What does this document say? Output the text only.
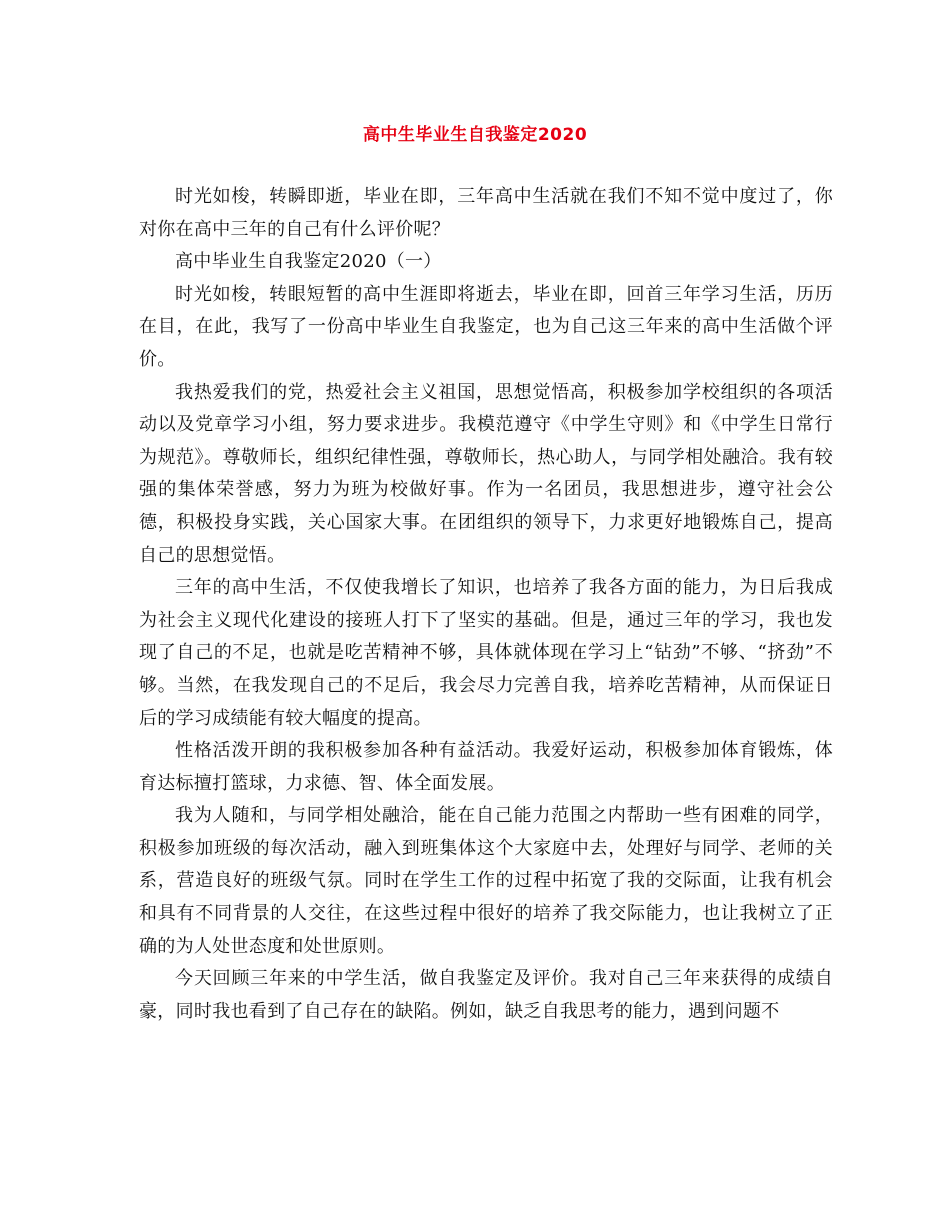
高中生毕业生自我鉴定2020

时光如梭，转瞬即逝，毕业在即，三年高中生活就在我们不知不觉中度过了，你对你在高中三年的自己有什么评价呢？

高中毕业生自我鉴定2020（一）

时光如梭，转眼短暂的高中生涯即将逝去，毕业在即，回首三年学习生活，历历在目，在此，我写了一份高中毕业生自我鉴定，也为自己这三年来的高中生活做个评价。

我热爱我们的党，热爱社会主义祖国，思想觉悟高，积极参加学校组织的各项活动以及党章学习小组，努力要求进步。我模范遵守《中学生守则》和《中学生日常行为规范》。尊敬师长，组织纪律性强，尊敬师长，热心助人，与同学相处融洽。我有较强的集体荣誉感，努力为班为校做好事。作为一名团员，我思想进步，遵守社会公德，积极投身实践，关心国家大事。在团组织的领导下，力求更好地锻炼自己，提高自己的思想觉悟。

三年的高中生活，不仅使我增长了知识，也培养了我各方面的能力，为日后我成为社会主义现代化建设的接班人打下了坚实的基础。但是，通过三年的学习，我也发现了自己的不足，也就是吃苦精神不够，具体就体现在学习上“钻劲”不够、“挤劲”不够。当然，在我发现自己的不足后，我会尽力完善自我，培养吃苦精神，从而保证日后的学习成绩能有较大幅度的提高。

性格活泼开朗的我积极参加各种有益活动。我爱好运动，积极参加体育锻炼，体育达标擅打篮球，力求德、智、体全面发展。

我为人随和，与同学相处融洽，能在自己能力范围之内帮助一些有困难的同学，积极参加班级的每次活动，融入到班集体这个大家庭中去，处理好与同学、老师的关系，营造良好的班级气氛。同时在学生工作的过程中拓宽了我的交际面，让我有机会和具有不同背景的人交往，在这些过程中很好的培养了我交际能力，也让我树立了正确的为人处世态度和处世原则。

今天回顾三年来的中学生活，做自我鉴定及评价。我对自己三年来获得的成绩自豪，同时我也看到了自己存在的缺陷。例如，缺乏自我思考的能力，遇到问题不
